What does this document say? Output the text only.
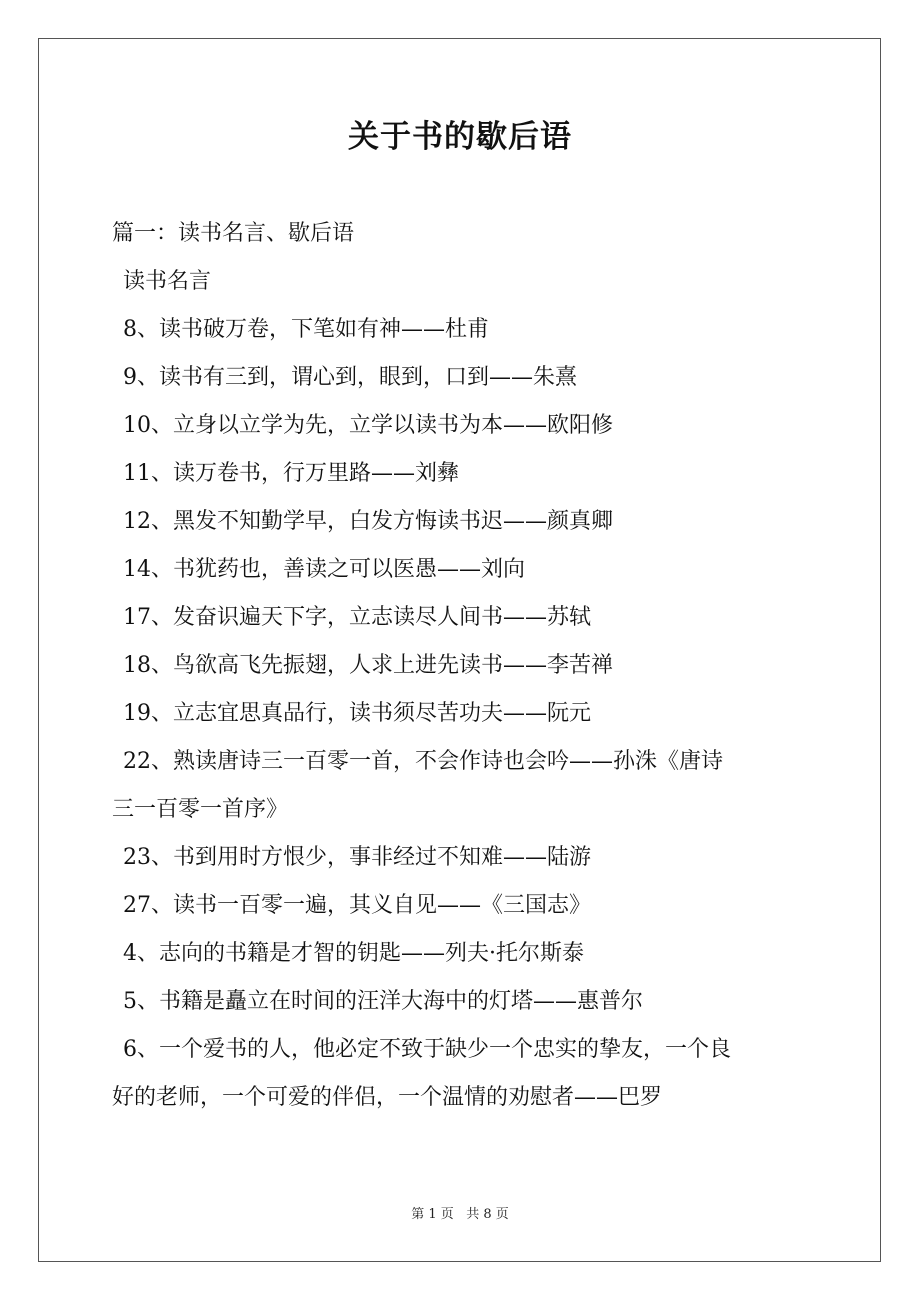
关于书的歇后语

篇一：读书名言、歇后语

读书名言

8、读书破万卷，下笔如有神——杜甫

9、读书有三到，谓心到，眼到，口到——朱熹

10、立身以立学为先，立学以读书为本——欧阳修

11、读万卷书，行万里路——刘彝

12、黑发不知勤学早，白发方悔读书迟——颜真卿

14、书犹药也，善读之可以医愚——刘向

17、发奋识遍天下字，立志读尽人间书——苏轼

18、鸟欲高飞先振翅，人求上进先读书——李苦禅

19、立志宜思真品行，读书须尽苦功夫——阮元

22、熟读唐诗三一百零一首，不会作诗也会吟——孙洙《唐诗

三一百零一首序》

23、书到用时方恨少，事非经过不知难——陆游

27、读书一百零一遍，其义自见——《三国志》

4、志向的书籍是才智的钥匙——列夫·托尔斯泰

5、书籍是矗立在时间的汪洋大海中的灯塔——惠普尔

6、一个爱书的人，他必定不致于缺少一个忠实的挚友，一个良

好的老师，一个可爱的伴侣，一个温情的劝慰者——巴罗

第 1 页 共 8 页
